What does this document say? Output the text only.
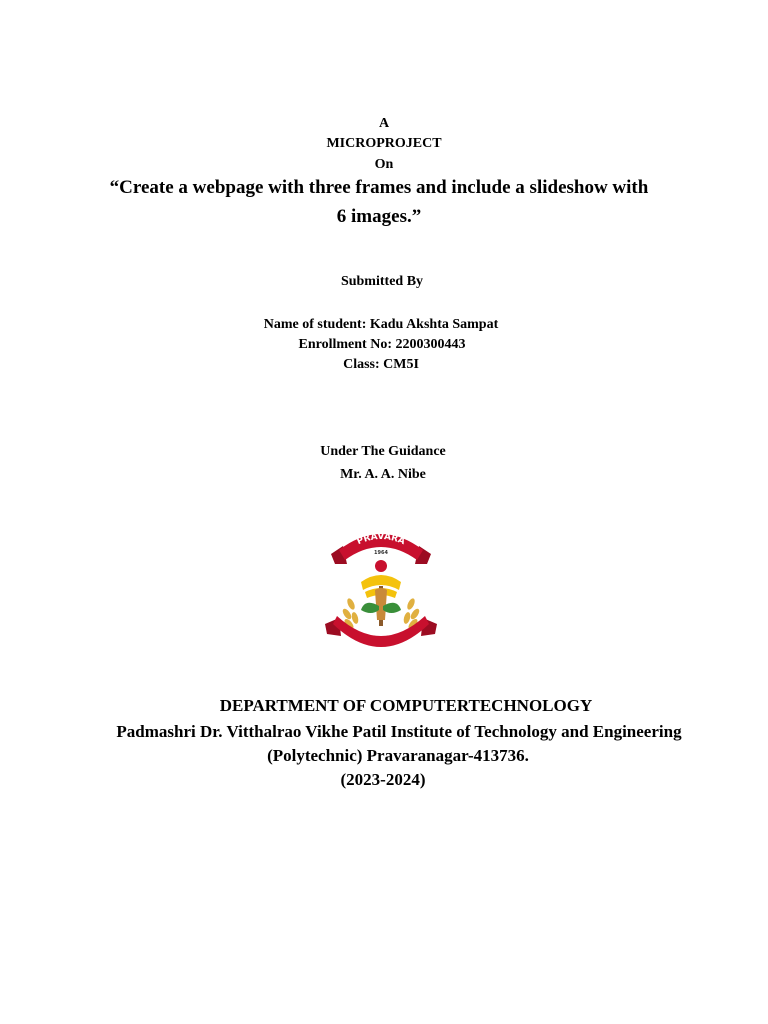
A
MICROPROJECT
On
“Create a webpage with three frames and include a slideshow with
6 images.”
Submitted By
Name of student: Kadu Akshta Sampat
Enrollment No: 2200300443
Class: CM5I
Under The Guidance
Mr. A. A. Nibe
PRAVARA
1964
DEPARTMENT OF COMPUTERTECHNOLOGY
Padmashri Dr. Vitthalrao Vikhe Patil Institute of Technology and Engineering
(Polytechnic) Pravaranagar-413736.
(2023-2024)
